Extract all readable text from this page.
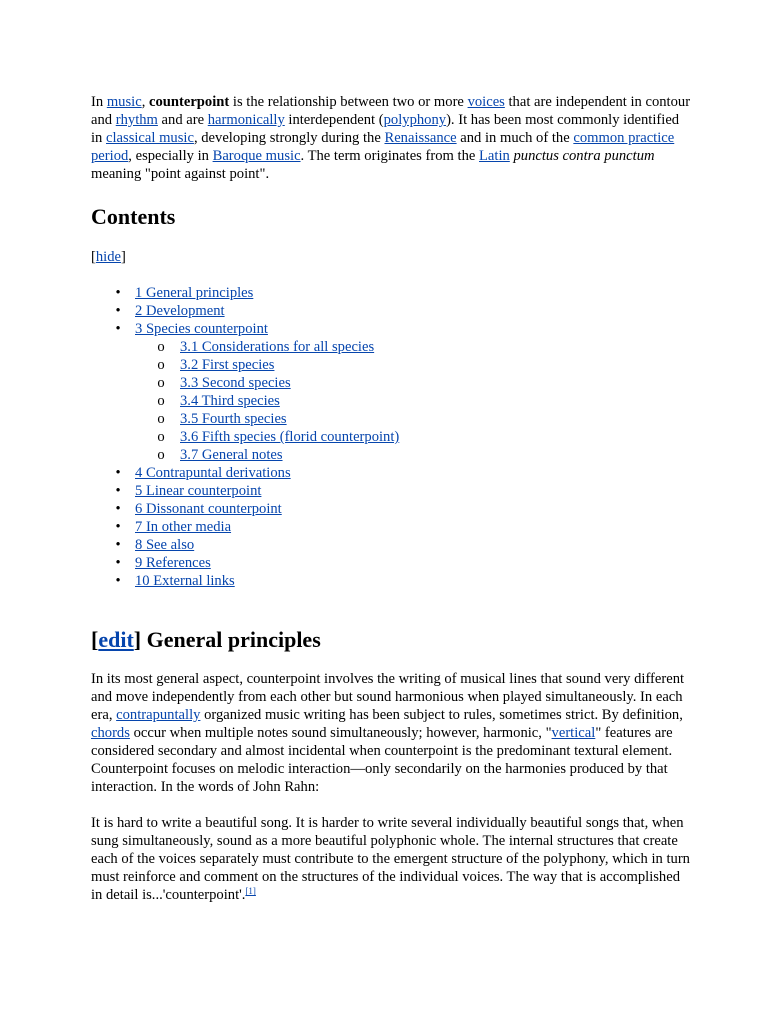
In music, counterpoint is the relationship between two or more voices that are independent in contour and rhythm and are harmonically interdependent (polyphony). It has been most commonly identified in classical music, developing strongly during the Renaissance and in much of the common practice period, especially in Baroque music. The term originates from the Latin punctus contra punctum meaning "point against point".

Contents
[hide]
• 1 General principles
• 2 Development
• 3 Species counterpoint
o 3.1 Considerations for all species
o 3.2 First species
o 3.3 Second species
o 3.4 Third species
o 3.5 Fourth species
o 3.6 Fifth species (florid counterpoint)
o 3.7 General notes
• 4 Contrapuntal derivations
• 5 Linear counterpoint
• 6 Dissonant counterpoint
• 7 In other media
• 8 See also
• 9 References
• 10 External links
[edit] General principles

In its most general aspect, counterpoint involves the writing of musical lines that sound very different and move independently from each other but sound harmonious when played simultaneously. In each era, contrapuntally organized music writing has been subject to rules, sometimes strict. By definition, chords occur when multiple notes sound simultaneously; however, harmonic, "vertical" features are considered secondary and almost incidental when counterpoint is the predominant textural element. Counterpoint focuses on melodic interaction—only secondarily on the harmonies produced by that interaction. In the words of John Rahn:

It is hard to write a beautiful song. It is harder to write several individually beautiful songs that, when sung simultaneously, sound as a more beautiful polyphonic whole. The internal structures that create each of the voices separately must contribute to the emergent structure of the polyphony, which in turn must reinforce and comment on the structures of the individual voices. The way that is accomplished in detail is...'counterpoint'.[1]
